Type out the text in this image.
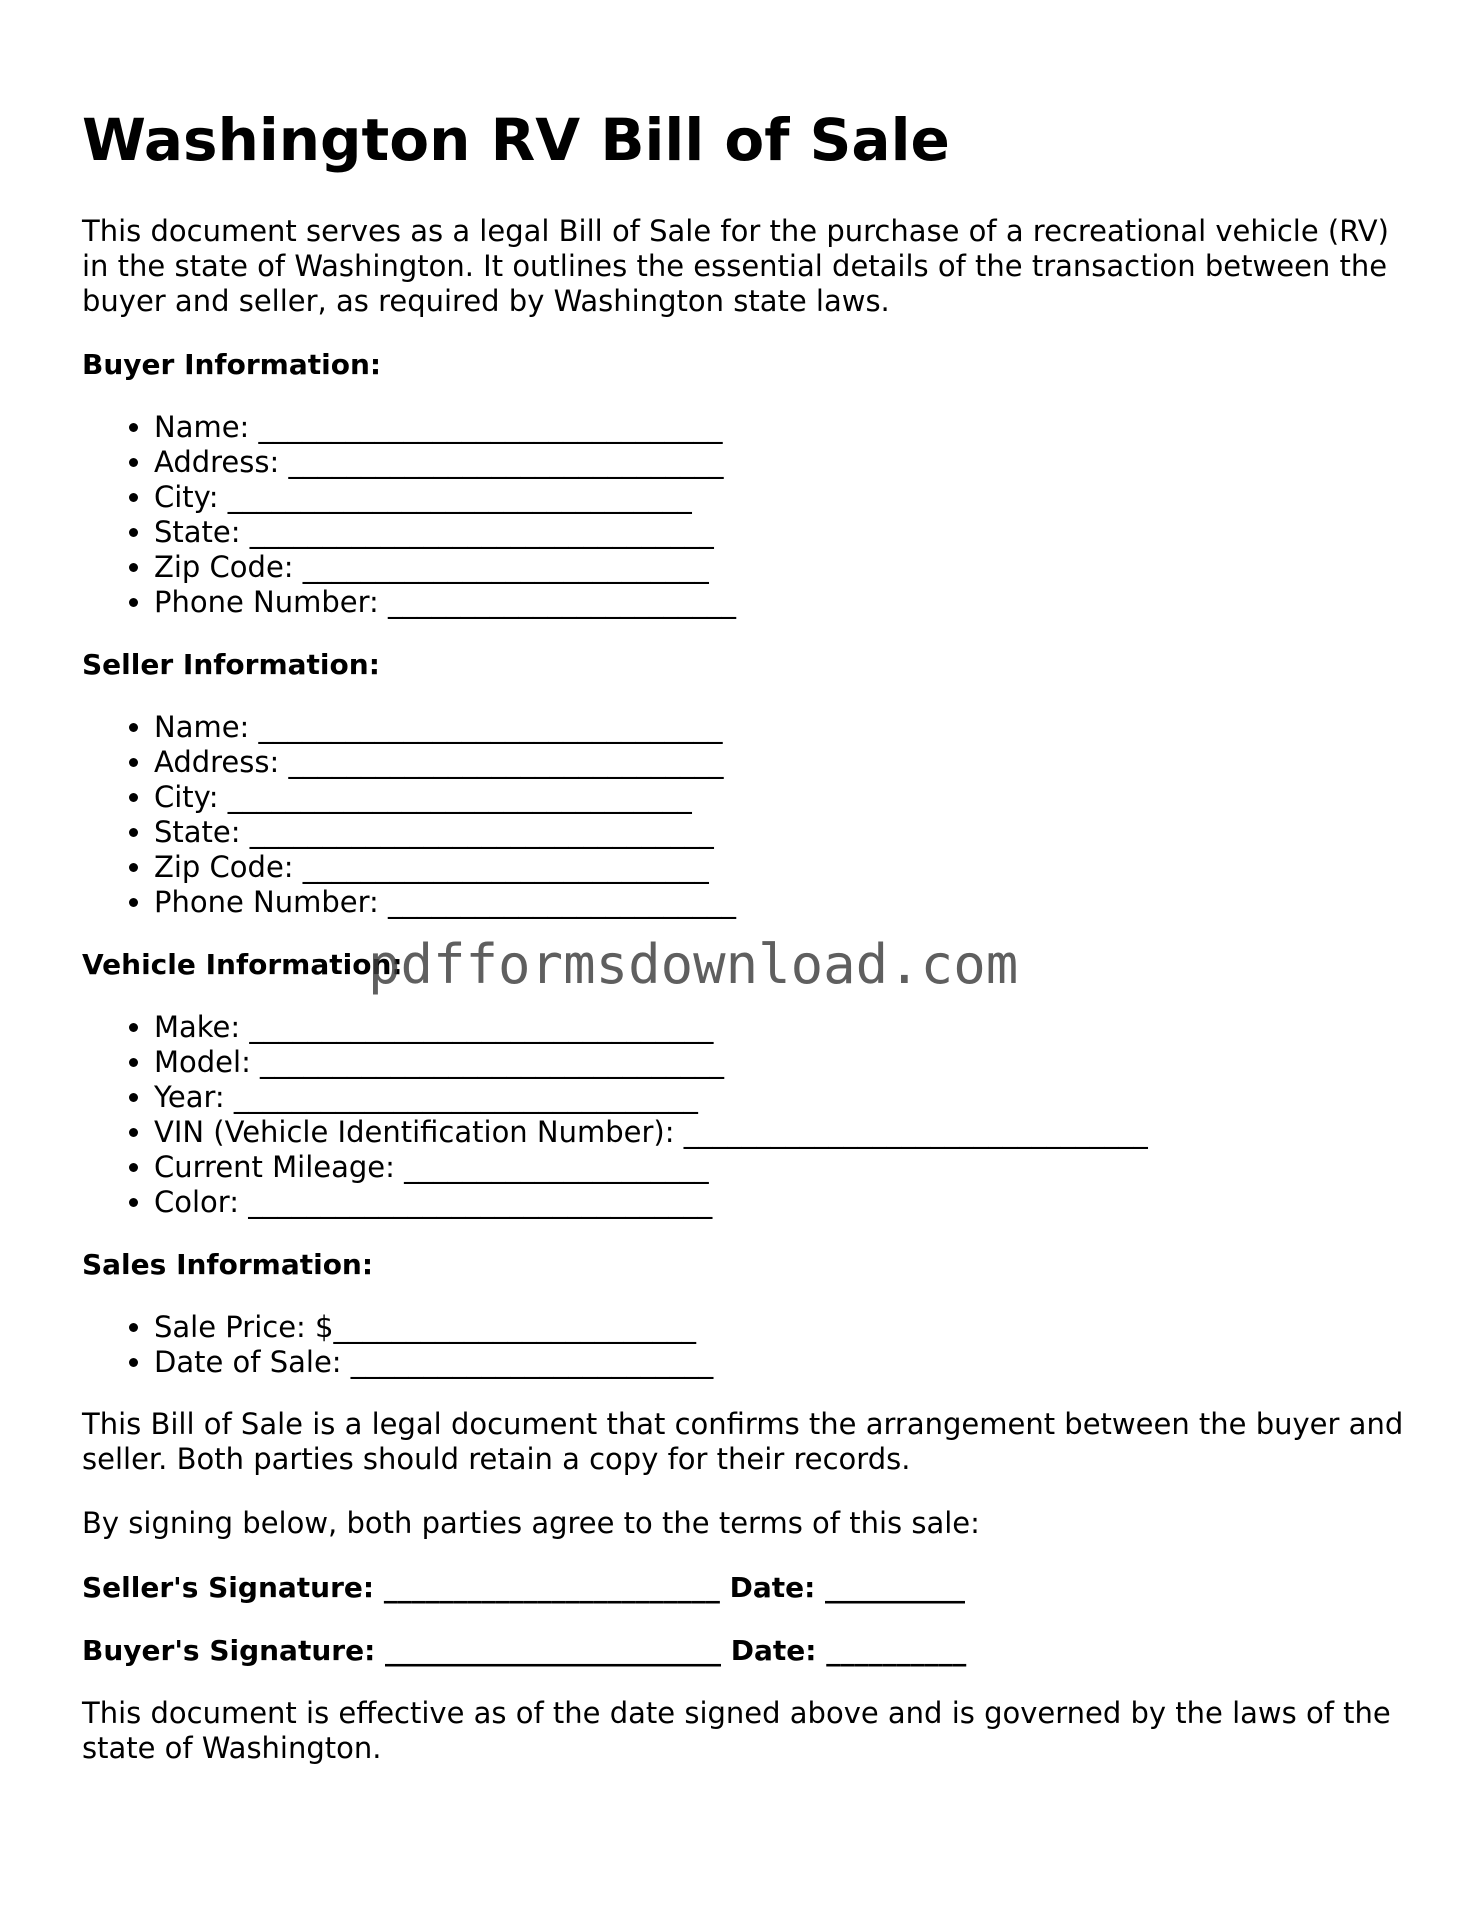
Washington RV Bill of Sale

This document serves as a legal Bill of Sale for the purchase of a recreational vehicle (RV) in the state of Washington. It outlines the essential details of the transaction between the buyer and seller, as required by Washington state laws.

Buyer Information:
• Name: ________________________________
• Address: ______________________________
• City: ________________________________
• State: ________________________________
• Zip Code: ____________________________
• Phone Number: ________________________
Seller Information:
• Name: ________________________________
• Address: ______________________________
• City: ________________________________
• State: ________________________________
• Zip Code: ____________________________
• Phone Number: ________________________
Vehicle Information:
• Make: ________________________________
• Model: ________________________________
• Year: ________________________________
• VIN (Vehicle Identification Number): ________________________________
• Current Mileage: _____________________
• Color: ________________________________
Sales Information:
• Sale Price: $_________________________
• Date of Sale: _________________________

This Bill of Sale is a legal document that confirms the arrangement between the buyer and seller. Both parties should retain a copy for their records.

By signing below, both parties agree to the terms of this sale:

Seller's Signature: ________________________ Date: __________
Buyer's Signature: ________________________ Date: __________

This document is effective as of the date signed above and is governed by the laws of the state of Washington.

pdfformsdownload.com
